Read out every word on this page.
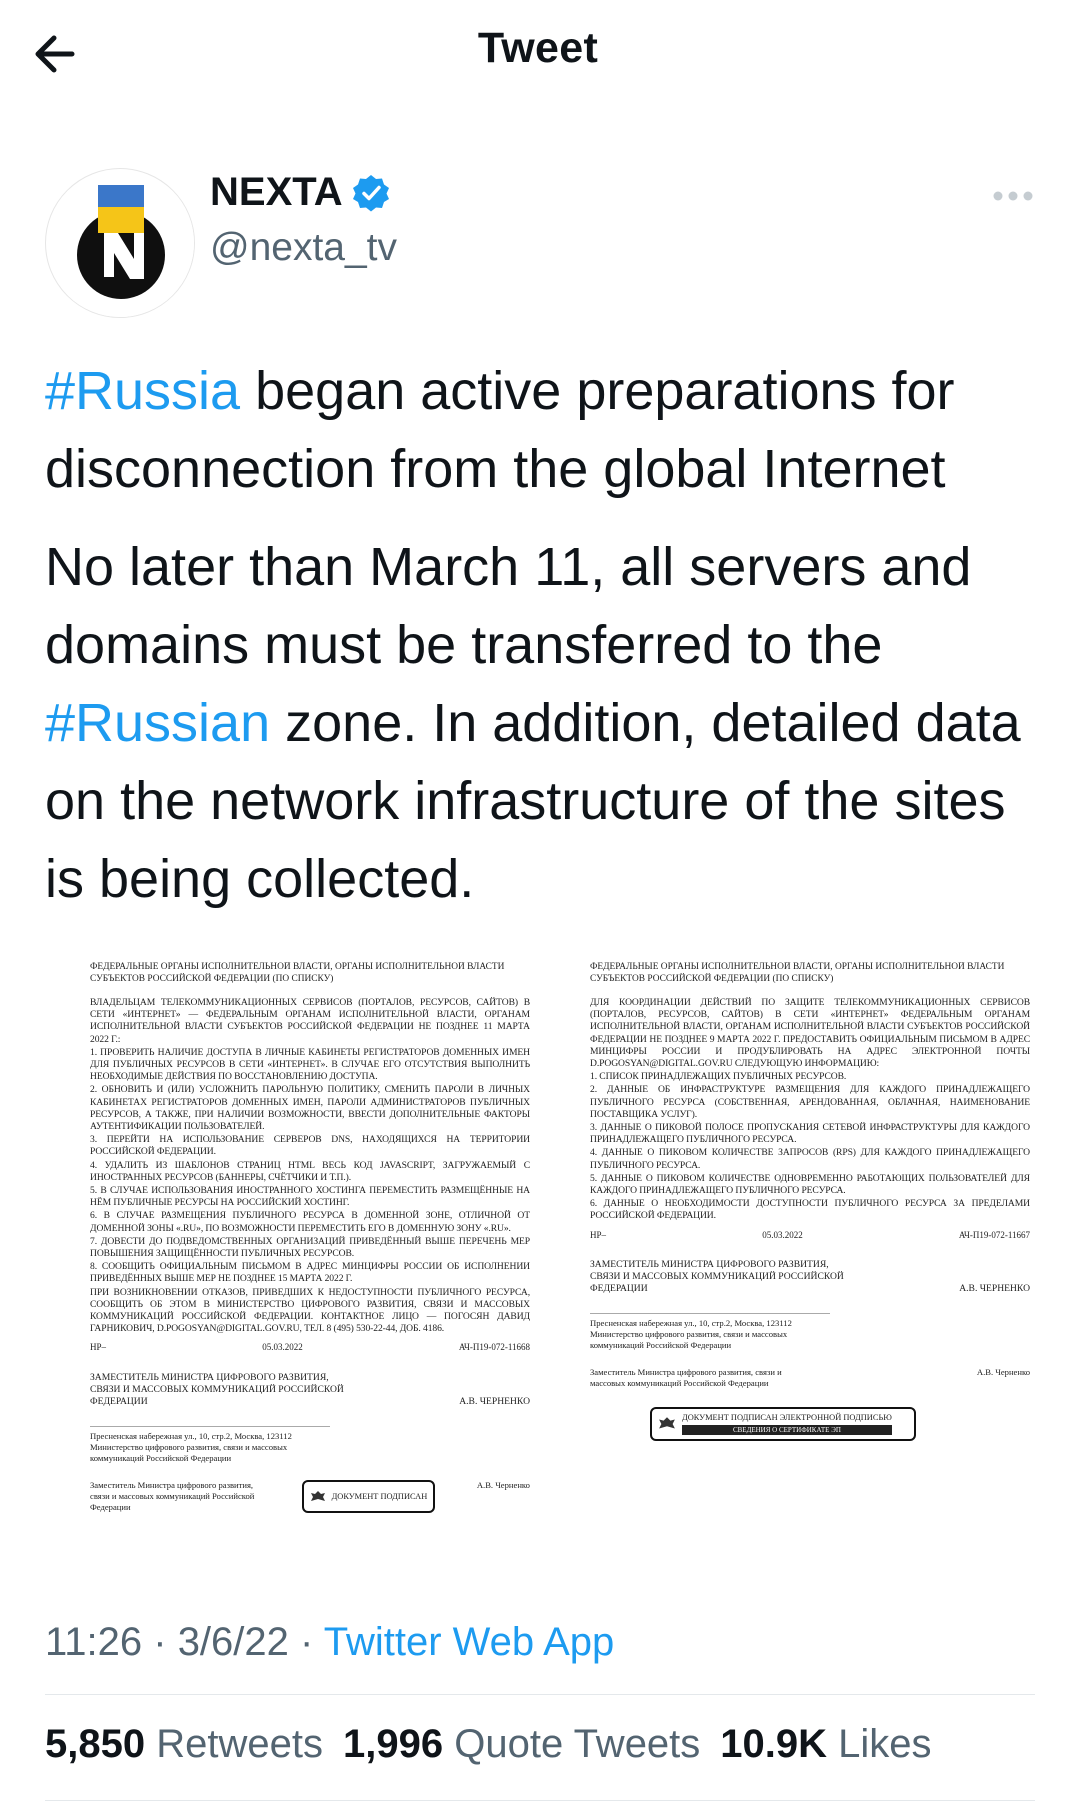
Tweet
NEXTA
@nexta_tv
#Russia began active preparations for disconnection from the global Internet
No later than March 11, all servers and domains must be transferred to the #Russian zone. In addition, detailed data on the network infrastructure of the sites is being collected.
ФЕДЕРАЛЬНЫЕ ОРГАНЫ ИСПОЛНИТЕЛЬНОЙ ВЛАСТИ, ОРГАНЫ ИСПОЛНИТЕЛЬНОЙ ВЛАСТИ СУБЪЕКТОВ РОССИЙСКОЙ ФЕДЕРАЦИИ (ПО СПИСКУ)

ВЛАДЕЛЬЦАМ ТЕЛЕКОММУНИКАЦИОННЫХ СЕРВИСОВ (ПОРТАЛОВ, РЕСУРСОВ, САЙТОВ) В СЕТИ «ИНТЕРНЕТ» — ФЕДЕРАЛЬНЫМ ОРГАНАМ ИСПОЛНИТЕЛЬНОЙ ВЛАСТИ, ОРГАНАМ ИСПОЛНИТЕЛЬНОЙ ВЛАСТИ СУБЪЕКТОВ РОССИЙСКОЙ ФЕДЕРАЦИИ НЕ ПОЗДНЕЕ 11 МАРТА 2022 Г.:

1. ПРОВЕРИТЬ НАЛИЧИЕ ДОСТУПА В ЛИЧНЫЕ КАБИНЕТЫ РЕГИСТРАТОРОВ ДОМЕННЫХ ИМЕН ДЛЯ ПУБЛИЧНЫХ РЕСУРСОВ В СЕТИ «ИНТЕРНЕТ». В СЛУЧАЕ ЕГО ОТСУТСТВИЯ ВЫПОЛНИТЬ НЕОБХОДИМЫЕ ДЕЙСТВИЯ ПО ВОССТАНОВЛЕНИЮ ДОСТУПА.

2. ОБНОВИТЬ И (ИЛИ) УСЛОЖНИТЬ ПАРОЛЬНУЮ ПОЛИТИКУ, СМЕНИТЬ ПАРОЛИ В ЛИЧНЫХ КАБИНЕТАХ РЕГИСТРАТОРОВ ДОМЕННЫХ ИМЕН, ПАРОЛИ АДМИНИСТРАТОРОВ ПУБЛИЧНЫХ РЕСУРСОВ, А ТАКЖЕ, ПРИ НАЛИЧИИ ВОЗМОЖНОСТИ, ВВЕСТИ ДОПОЛНИТЕЛЬНЫЕ ФАКТОРЫ АУТЕНТИФИКАЦИИ ПОЛЬЗОВАТЕЛЕЙ.

3. ПЕРЕЙТИ НА ИСПОЛЬЗОВАНИЕ СЕРВЕРОВ DNS, НАХОДЯЩИХСЯ НА ТЕРРИТОРИИ РОССИЙСКОЙ ФЕДЕРАЦИИ.

4. УДАЛИТЬ ИЗ ШАБЛОНОВ СТРАНИЦ HTML ВЕСЬ КОД JAVASCRIPT, ЗАГРУЖАЕМЫЙ С ИНОСТРАННЫХ РЕСУРСОВ (БАННЕРЫ, СЧЁТЧИКИ И Т.П.).

5. В СЛУЧАЕ ИСПОЛЬЗОВАНИЯ ИНОСТРАННОГО ХОСТИНГА ПЕРЕМЕСТИТЬ РАЗМЕЩЁННЫЕ НА НЁМ ПУБЛИЧНЫЕ РЕСУРСЫ НА РОССИЙСКИЙ ХОСТИНГ.

6. В СЛУЧАЕ РАЗМЕЩЕНИЯ ПУБЛИЧНОГО РЕСУРСА В ДОМЕННОЙ ЗОНЕ, ОТЛИЧНОЙ ОТ ДОМЕННОЙ ЗОНЫ «.RU», ПО ВОЗМОЖНОСТИ ПЕРЕМЕСТИТЬ ЕГО В ДОМЕННУЮ ЗОНУ «.RU».

7. ДОВЕСТИ ДО ПОДВЕДОМСТВЕННЫХ ОРГАНИЗАЦИЙ ПРИВЕДЁННЫЙ ВЫШЕ ПЕРЕЧЕНЬ МЕР ПОВЫШЕНИЯ ЗАЩИЩЁННОСТИ ПУБЛИЧНЫХ РЕСУРСОВ.

8. СООБЩИТЬ ОФИЦИАЛЬНЫМ ПИСЬМОМ В АДРЕС МИНЦИФРЫ РОССИИ ОБ ИСПОЛНЕНИИ ПРИВЕДЁННЫХ ВЫШЕ МЕР НЕ ПОЗДНЕЕ 15 МАРТА 2022 Г.

ПРИ ВОЗНИКНОВЕНИИ ОТКАЗОВ, ПРИВЕДШИХ К НЕДОСТУПНОСТИ ПУБЛИЧНОГО РЕСУРСА, СООБЩИТЬ ОБ ЭТОМ В МИНИСТЕРСТВО ЦИФРОВОГО РАЗВИТИЯ, СВЯЗИ И МАССОВЫХ КОММУНИКАЦИЙ РОССИЙСКОЙ ФЕДЕРАЦИИ. КОНТАКТНОЕ ЛИЦО — ПОГОСЯН ДАВИД ГАРНИКОВИЧ, D.POGOSYAN@DIGITAL.GOV.RU, ТЕЛ. 8 (495) 530-22-44, ДОБ. 4186.

НР–	05.03.2022	АЧ-П19-072-11668
ЗАМЕСТИТЕЛЬ МИНИСТРА ЦИФРОВОГО РАЗВИТИЯ, СВЯЗИ И МАССОВЫХ КОММУНИКАЦИЙ РОССИЙСКОЙ ФЕДЕРАЦИИ	А.В. ЧЕРНЕНКО
Пресненская набережная ул., 10, стр.2, Москва, 123112 Министерство цифрового развития, связи и массовых коммуникаций Российской Федерации
Заместитель Министра цифрового развития, связи и массовых коммуникаций Российской Федерации
ДОКУМЕНТ ПОДПИСАН
А.В. Черненко
ФЕДЕРАЛЬНЫЕ ОРГАНЫ ИСПОЛНИТЕЛЬНОЙ ВЛАСТИ, ОРГАНЫ ИСПОЛНИТЕЛЬНОЙ ВЛАСТИ СУБЪЕКТОВ РОССИЙСКОЙ ФЕДЕРАЦИИ (ПО СПИСКУ)

ДЛЯ КООРДИНАЦИИ ДЕЙСТВИЙ ПО ЗАЩИТЕ ТЕЛЕКОММУНИКАЦИОННЫХ СЕРВИСОВ (ПОРТАЛОВ, РЕСУРСОВ, САЙТОВ) В СЕТИ «ИНТЕРНЕТ» ФЕДЕРАЛЬНЫМ ОРГАНАМ ИСПОЛНИТЕЛЬНОЙ ВЛАСТИ, ОРГАНАМ ИСПОЛНИТЕЛЬНОЙ ВЛАСТИ СУБЪЕКТОВ РОССИЙСКОЙ ФЕДЕРАЦИИ НЕ ПОЗДНЕЕ 9 МАРТА 2022 Г. ПРЕДОСТАВИТЬ ОФИЦИАЛЬНЫМ ПИСЬМОМ В АДРЕС МИНЦИФРЫ РОССИИ И ПРОДУБЛИРОВАТЬ НА АДРЕС ЭЛЕКТРОННОЙ ПОЧТЫ D.POGOSYAN@DIGITAL.GOV.RU СЛЕДУЮЩУЮ ИНФОРМАЦИЮ:

1. СПИСОК ПРИНАДЛЕЖАЩИХ ПУБЛИЧНЫХ РЕСУРСОВ.

2. ДАННЫЕ ОБ ИНФРАСТРУКТУРЕ РАЗМЕЩЕНИЯ ДЛЯ КАЖДОГО ПРИНАДЛЕЖАЩЕГО ПУБЛИЧНОГО РЕСУРСА (СОБСТВЕННАЯ, АРЕНДОВАННАЯ, ОБЛАЧНАЯ, НАИМЕНОВАНИЕ ПОСТАВЩИКА УСЛУГ).

3. ДАННЫЕ О ПИКОВОЙ ПОЛОСЕ ПРОПУСКАНИЯ СЕТЕВОЙ ИНФРАСТРУКТУРЫ ДЛЯ КАЖДОГО ПРИНАДЛЕЖАЩЕГО ПУБЛИЧНОГО РЕСУРСА.

4. ДАННЫЕ О ПИКОВОМ КОЛИЧЕСТВЕ ЗАПРОСОВ (RPS) ДЛЯ КАЖДОГО ПРИНАДЛЕЖАЩЕГО ПУБЛИЧНОГО РЕСУРСА.

5. ДАННЫЕ О ПИКОВОМ КОЛИЧЕСТВЕ ОДНОВРЕМЕННО РАБОТАЮЩИХ ПОЛЬЗОВАТЕЛЕЙ ДЛЯ КАЖДОГО ПРИНАДЛЕЖАЩЕГО ПУБЛИЧНОГО РЕСУРСА.

6. ДАННЫЕ О НЕОБХОДИМОСТИ ДОСТУПНОСТИ ПУБЛИЧНОГО РЕСУРСА ЗА ПРЕДЕЛАМИ РОССИЙСКОЙ ФЕДЕРАЦИИ.

НР–	05.03.2022	АЧ-П19-072-11667
ЗАМЕСТИТЕЛЬ МИНИСТРА ЦИФРОВОГО РАЗВИТИЯ, СВЯЗИ И МАССОВЫХ КОММУНИКАЦИЙ РОССИЙСКОЙ ФЕДЕРАЦИИ	А.В. ЧЕРНЕНКО
Пресненская набережная ул., 10, стр.2, Москва, 123112 Министерство цифрового развития, связи и массовых коммуникаций Российской Федерации
Заместитель Министра цифрового развития, связи и массовых коммуникаций Российской Федерации
А.В. Черненко
ДОКУМЕНТ ПОДПИСАН ЭЛЕКТРОННОЙ ПОДПИСЬЮ
СВЕДЕНИЯ О СЕРТИФИКАТЕ ЭП
11:26 · 3/6/22 · Twitter Web App
5,850 Retweets 1,996 Quote Tweets 10.9K Likes
